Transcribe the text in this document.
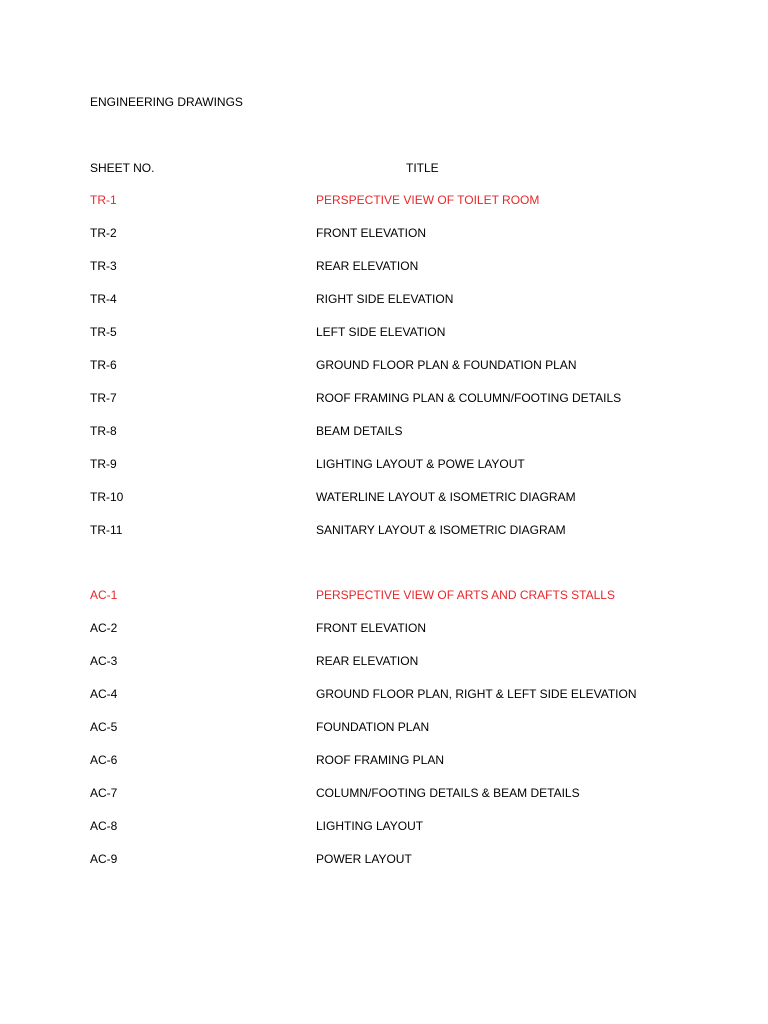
ENGINEERING DRAWINGS
SHEET NO.	TITLE
TR-1	PERSPECTIVE VIEW OF TOILET ROOM
TR-2	FRONT ELEVATION
TR-3	REAR ELEVATION
TR-4	RIGHT SIDE ELEVATION
TR-5	LEFT SIDE ELEVATION
TR-6	GROUND FLOOR PLAN & FOUNDATION PLAN
TR-7	ROOF FRAMING PLAN & COLUMN/FOOTING DETAILS
TR-8	BEAM DETAILS
TR-9	LIGHTING LAYOUT & POWE LAYOUT
TR-10	WATERLINE LAYOUT & ISOMETRIC DIAGRAM
TR-11	SANITARY LAYOUT & ISOMETRIC DIAGRAM
AC-1	PERSPECTIVE VIEW OF ARTS AND CRAFTS STALLS
AC-2	FRONT ELEVATION
AC-3	REAR ELEVATION
AC-4	GROUND FLOOR PLAN, RIGHT & LEFT SIDE ELEVATION
AC-5	FOUNDATION PLAN
AC-6	ROOF FRAMING PLAN
AC-7	COLUMN/FOOTING DETAILS & BEAM DETAILS
AC-8	LIGHTING LAYOUT
AC-9	POWER LAYOUT
